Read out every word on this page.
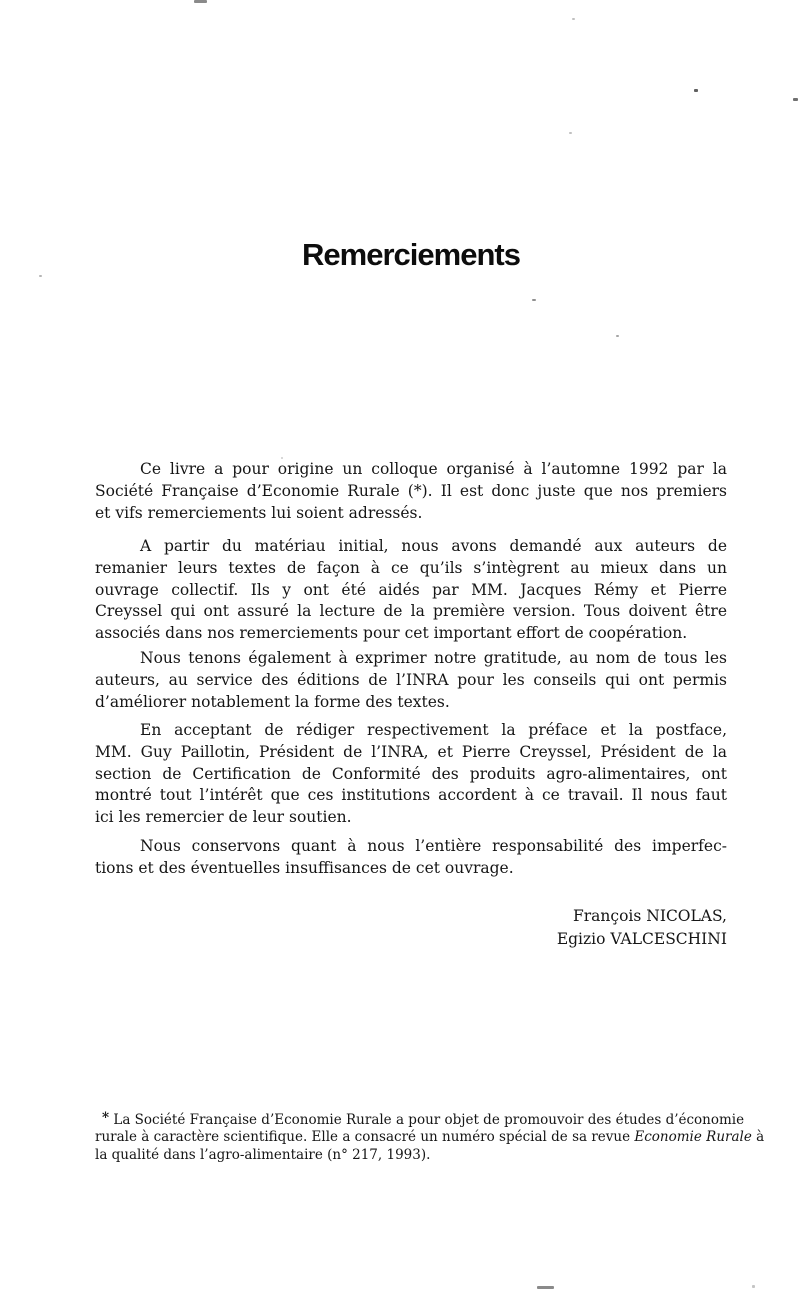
Remerciements
Ce livre a pour origine un colloque organisé à l’automne 1992 par la
Société Française d’Economie Rurale (*). Il est donc juste que nos premiers
et vifs remerciements lui soient adressés.
A partir du matériau initial, nous avons demandé aux auteurs de
remanier leurs textes de façon à ce qu’ils s’intègrent au mieux dans un
ouvrage collectif. Ils y ont été aidés par MM. Jacques Rémy et Pierre
Creyssel qui ont assuré la lecture de la première version. Tous doivent être
associés dans nos remerciements pour cet important effort de coopération.
Nous tenons également à exprimer notre gratitude, au nom de tous les
auteurs, au service des éditions de l’INRA pour les conseils qui ont permis
d’améliorer notablement la forme des textes.
En acceptant de rédiger respectivement la préface et la postface,
MM. Guy Paillotin, Président de l’INRA, et Pierre Creyssel, Président de la
section de Certification de Conformité des produits agro-alimentaires, ont
montré tout l’intérêt que ces institutions accordent à ce travail. Il nous faut
ici les remercier de leur soutien.
Nous conservons quant à nous l’entière responsabilité des imperfec-
tions et des éventuelles insuffisances de cet ouvrage.
François NICOLAS,
Egizio VALCESCHINI
* La Société Française d’Economie Rurale a pour objet de promouvoir des études d’économie
rurale à caractère scientifique. Elle a consacré un numéro spécial de sa revue Economie Rurale à
la qualité dans l’agro-alimentaire (n° 217, 1993).
